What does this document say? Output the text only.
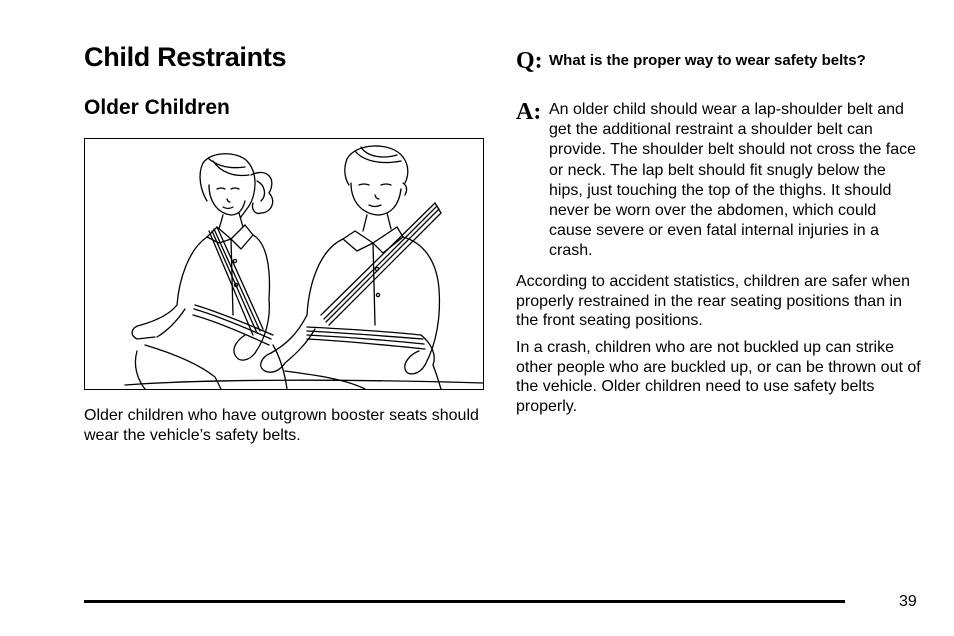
Child Restraints
Older Children

Older children who have outgrown booster seats should wear the vehicle’s safety belts.

Q: What is the proper way to wear safety belts?
A: An older child should wear a lap-shoulder belt and get the additional restraint a shoulder belt can provide. The shoulder belt should not cross the face or neck. The lap belt should fit snugly below the hips, just touching the top of the thighs. It should never be worn over the abdomen, which could cause severe or even fatal internal injuries in a crash.

According to accident statistics, children are safer when properly restrained in the rear seating positions than in the front seating positions.

In a crash, children who are not buckled up can strike other people who are buckled up, or can be thrown out of the vehicle. Older children need to use safety belts properly.

39
